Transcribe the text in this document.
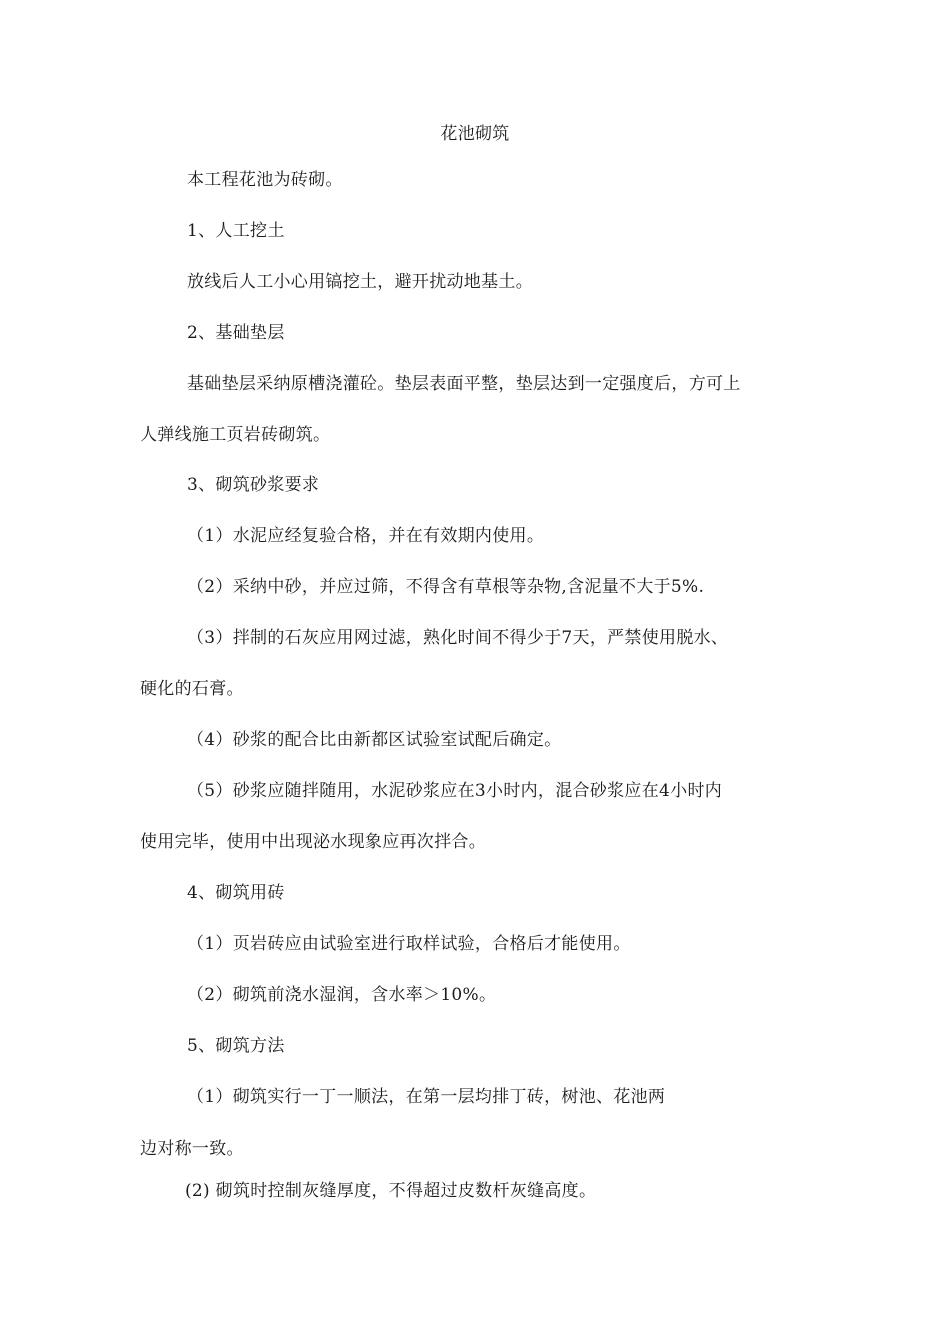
花池砌筑
本工程花池为砖砌。
1、人工挖土
放线后人工小心用镐挖土，避开扰动地基土。
2、基础垫层
基础垫层采纳原槽浇灌砼。垫层表面平整，垫层达到一定强度后，方可上
人弹线施工页岩砖砌筑。
3、砌筑砂浆要求
（1）水泥应经复验合格，并在有效期内使用。
（2）采纳中砂，并应过筛，不得含有草根等杂物,含泥量不大于5%.
（3）拌制的石灰应用网过滤，熟化时间不得少于7天，严禁使用脱水、
硬化的石膏。
（4）砂浆的配合比由新都区试验室试配后确定。
（5）砂浆应随拌随用，水泥砂浆应在3小时内，混合砂浆应在4小时内
使用完毕，使用中出现泌水现象应再次拌合。
4、砌筑用砖
（1）页岩砖应由试验室进行取样试验，合格后才能使用。
（2）砌筑前浇水湿润，含水率＞10%。
5、砌筑方法
（1）砌筑实行一丁一顺法，在第一层均排丁砖，树池、花池两
边对称一致。
(2) 砌筑时控制灰缝厚度，不得超过皮数杆灰缝高度。
